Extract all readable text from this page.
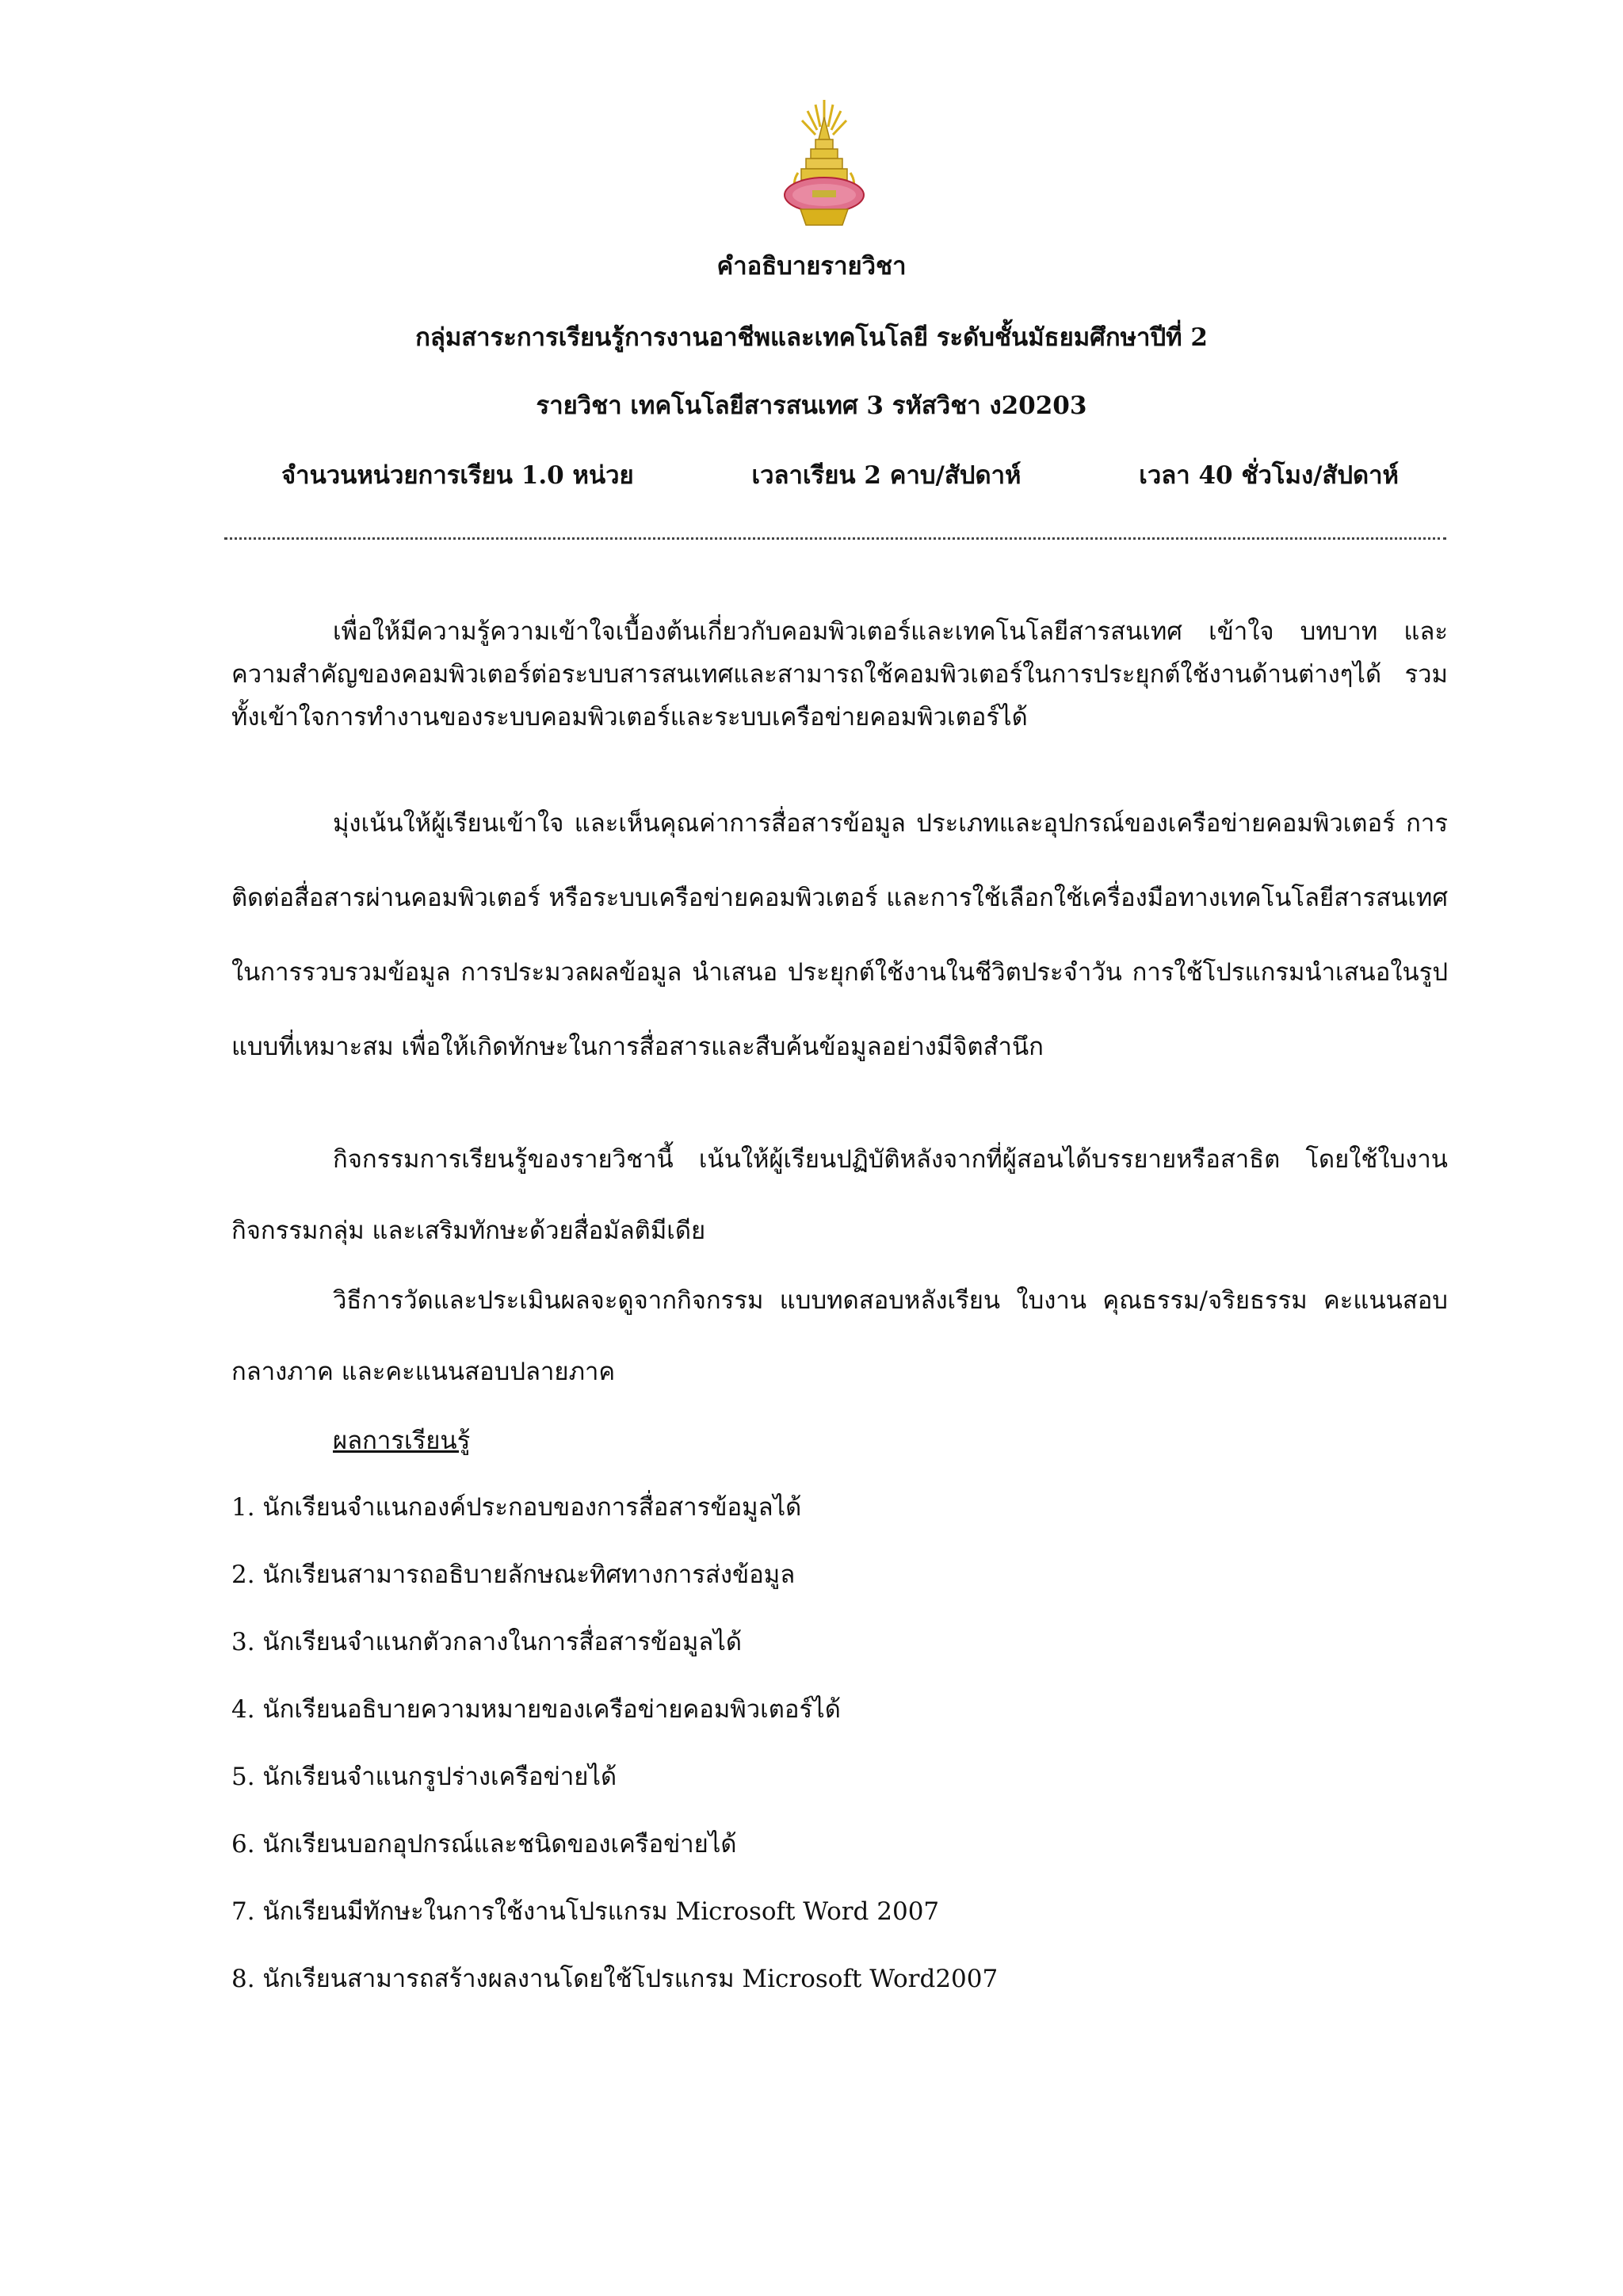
คำอธิบายรายวิชา

กลุ่มสาระการเรียนรู้การงานอาชีพและเทคโนโลยี ระดับชั้นมัธยมศึกษาปีที่ 2

รายวิชา เทคโนโลยีสารสนเทศ 3 รหัสวิชา ง20203

จำนวนหน่วยการเรียน 1.0 หน่วย	เวลาเรียน 2 คาบ/สัปดาห์	เวลา 40 ชั่วโมง/สัปดาห์

เพื่อให้มีความรู้ความเข้าใจเบื้องต้นเกี่ยวกับคอมพิวเตอร์และเทคโนโลยีสารสนเทศ เข้าใจ บทบาท และความสำคัญของคอมพิวเตอร์ต่อระบบสารสนเทศและสามารถใช้คอมพิวเตอร์ในการประยุกต์ใช้งานด้านต่างๆได้ รวมทั้งเข้าใจการทำงานของระบบคอมพิวเตอร์และระบบเครือข่ายคอมพิวเตอร์ได้

มุ่งเน้นให้ผู้เรียนเข้าใจ และเห็นคุณค่าการสื่อสารข้อมูล ประเภทและอุปกรณ์ของเครือข่ายคอมพิวเตอร์ การติดต่อสื่อสารผ่านคอมพิวเตอร์ หรือระบบเครือข่ายคอมพิวเตอร์ และการใช้เลือกใช้เครื่องมือทางเทคโนโลยีสารสนเทศในการรวบรวมข้อมูล การประมวลผลข้อมูล นำเสนอ ประยุกต์ใช้งานในชีวิตประจำวัน การใช้โปรแกรมนำเสนอในรูปแบบที่เหมาะสม เพื่อให้เกิดทักษะในการสื่อสารและสืบค้นข้อมูลอย่างมีจิตสำนึก

กิจกรรมการเรียนรู้ของรายวิชานี้ เน้นให้ผู้เรียนปฏิบัติหลังจากที่ผู้สอนได้บรรยายหรือสาธิต โดยใช้ใบงาน กิจกรรมกลุ่ม และเสริมทักษะด้วยสื่อมัลติมีเดีย

วิธีการวัดและประเมินผลจะดูจากกิจกรรม แบบทดสอบหลังเรียน ใบงาน คุณธรรม/จริยธรรม คะแนนสอบกลางภาค และคะแนนสอบปลายภาค

ผลการเรียนรู้

1. นักเรียนจำแนกองค์ประกอบของการสื่อสารข้อมูลได้
2. นักเรียนสามารถอธิบายลักษณะทิศทางการส่งข้อมูล
3. นักเรียนจำแนกตัวกลางในการสื่อสารข้อมูลได้
4. นักเรียนอธิบายความหมายของเครือข่ายคอมพิวเตอร์ได้
5. นักเรียนจำแนกรูปร่างเครือข่ายได้
6. นักเรียนบอกอุปกรณ์และชนิดของเครือข่ายได้
7. นักเรียนมีทักษะในการใช้งานโปรแกรม Microsoft Word 2007
8. นักเรียนสามารถสร้างผลงานโดยใช้โปรแกรม Microsoft Word2007
